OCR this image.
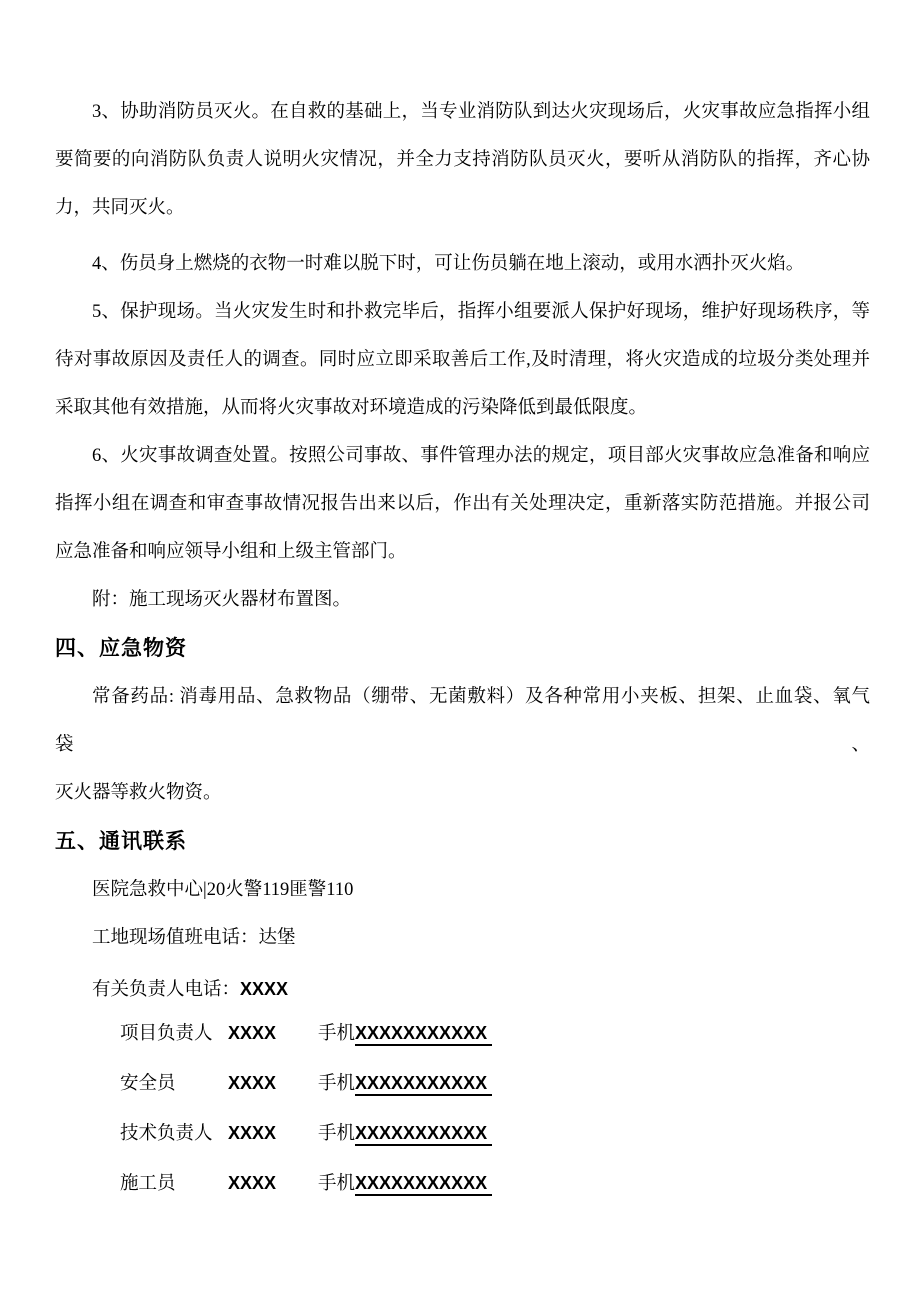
3、协助消防员灭火。在自救的基础上，当专业消防队到达火灾现场后，火灾事故应急指挥小组
要简要的向消防队负责人说明火灾情况，并全力支持消防队员灭火，要听从消防队的指挥，齐心协
力，共同灭火。
4、伤员身上燃烧的衣物一时难以脱下时，可让伤员躺在地上滚动，或用水洒扑灭火焰。
5、保护现场。当火灾发生时和扑救完毕后，指挥小组要派人保护好现场，维护好现场秩序，等
待对事故原因及责任人的调查。同时应立即采取善后工作,及时清理，将火灾造成的垃圾分类处理并
采取其他有效措施，从而将火灾事故对环境造成的污染降低到最低限度。
6、火灾事故调查处置。按照公司事故、事件管理办法的规定，项目部火灾事故应急准备和响应
指挥小组在调查和审查事故情况报告出来以后，作出有关处理决定，重新落实防范措施。并报公司
应急准备和响应领导小组和上级主管部门。
附：施工现场灭火器材布置图。
四、应急物资
常备药品: 消毒用品、急救物品（绷带、无菌敷料）及各种常用小夹板、担架、止血袋、氧气袋、
灭火器等救火物资。
五、通讯联系
医院急救中心|20火警119匪警110
工地现场值班电话：达堡
有关负责人电话：XXXX
项目负责人 XXXX	手机XXXXXXXXXXX
安全员	XXXX	手机XXXXXXXXXXX
技术负责人 XXXX	手机XXXXXXXXXXX
施工员	XXXX	手机XXXXXXXXXXX
